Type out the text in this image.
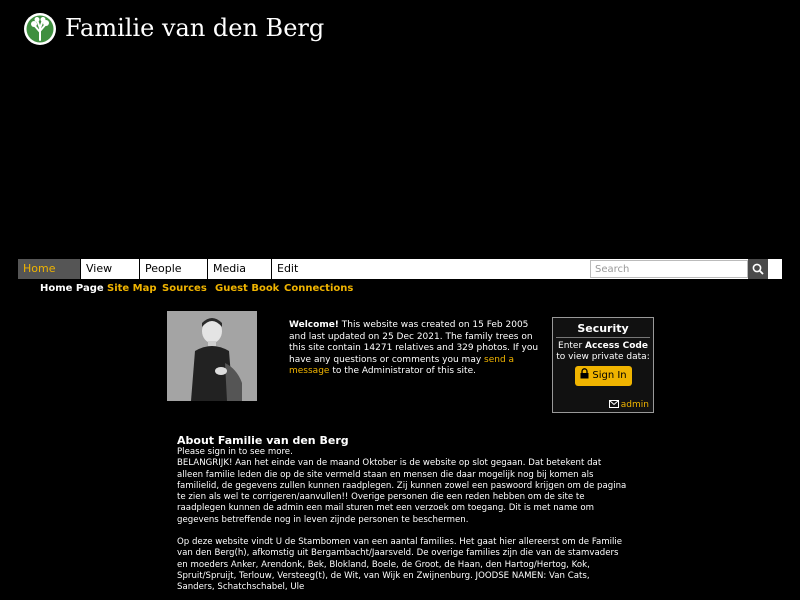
Familie van den Berg
Home	View	People	Media	Edit
Search
Home Page Site Map Sources Guest Book Connections
Welcome! This website was created on 15 Feb 2005 and last updated on 25 Dec 2021. The family trees on this site contain 14271 relatives and 329 photos. If you have any questions or comments you may send a message to the Administrator of this site.
Security
Enter Access Code to view private data:
Sign In
admin
About Familie van den Berg

Please sign in to see more.

BELANGRIJK! Aan het einde van de maand Oktober is de website op slot gegaan. Dat betekent dat alleen familie leden die op de site vermeld staan en mensen die daar mogelijk nog bij komen als familielid, de gegevens zullen kunnen raadplegen. Zij kunnen zowel een paswoord krijgen om de pagina te zien als wel te corrigeren/aanvullen!! Overige personen die een reden hebben om de site te raadplegen kunnen de admin een mail sturen met een verzoek om toegang. Dit is met name om gegevens betreffende nog in leven zijnde personen te beschermen.

Op deze website vindt U de Stambomen van een aantal families. Het gaat hier allereerst om de Familie van den Berg(h), afkomstig uit Bergambacht/Jaarsveld. De overige families zijn die van de stamvaders en moeders Anker, Arendonk, Bek, Blokland, Boele, de Groot, de Haan, den Hartog/Hertog, Kok, Spruit/Spruijt, Terlouw, Versteeg(t), de Wit, van Wijk en Zwijnenburg. JOODSE NAMEN: Van Cats, Sanders, Schatchschabel, Ule
